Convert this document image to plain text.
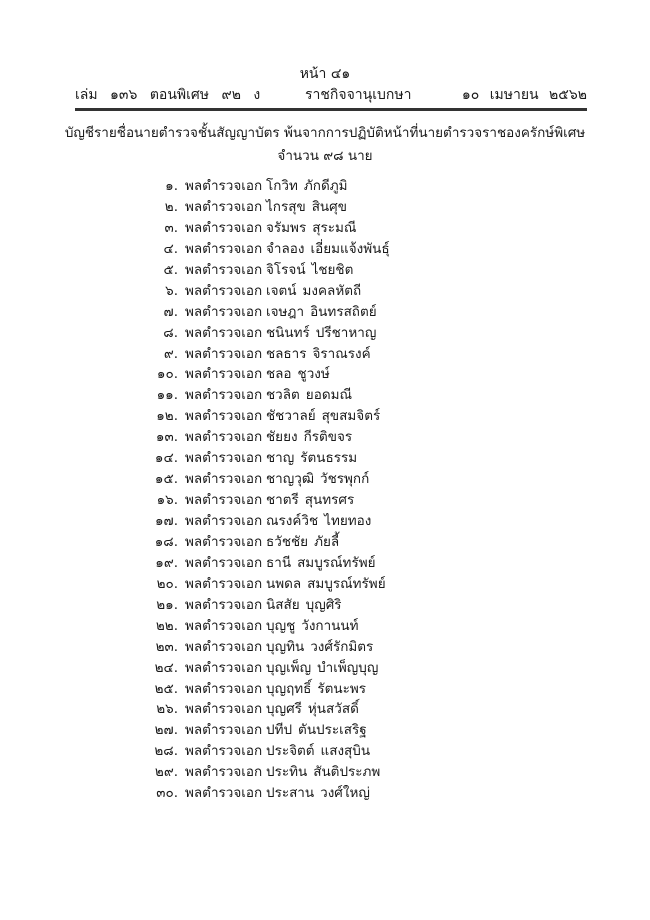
หน้า ๔๑
เล่ม ๑๓๖ ตอนพิเศษ ๙๒ ง	ราชกิจจานุเบกษา	๑๐ เมษายน ๒๕๖๒
บัญชีรายชื่อนายตำรวจชั้นสัญญาบัตร พ้นจากการปฏิบัติหน้าที่นายตำรวจราชองครักษ์พิเศษ
จำนวน ๙๘ นาย
๑. พลตำรวจเอก โกวิท ภักดีภูมิ
๒. พลตำรวจเอก ไกรสุข สินศุข
๓. พลตำรวจเอก จรัมพร สุระมณี
๔. พลตำรวจเอก จำลอง เอี่ยมแจ้งพันธุ์
๕. พลตำรวจเอก จิโรจน์ ไชยชิต
๖. พลตำรวจเอก เจตน์ มงคลหัตถี
๗. พลตำรวจเอก เจษฎา อินทรสถิตย์
๘. พลตำรวจเอก ชนินทร์ ปรีชาหาญ
๙. พลตำรวจเอก ชลธาร จิราณรงค์
๑๐. พลตำรวจเอก ชลอ ชูวงษ์
๑๑. พลตำรวจเอก ชวลิต ยอดมณี
๑๒. พลตำรวจเอก ชัชวาลย์ สุขสมจิตร์
๑๓. พลตำรวจเอก ชัยยง กีรติขจร
๑๔. พลตำรวจเอก ชาญ รัตนธรรม
๑๕. พลตำรวจเอก ชาญวุฒิ วัชรพุกก์
๑๖. พลตำรวจเอก ชาตรี สุนทรศร
๑๗. พลตำรวจเอก ณรงค์วิช ไทยทอง
๑๘. พลตำรวจเอก ธวัชชัย ภัยลี้
๑๙. พลตำรวจเอก ธานี สมบูรณ์ทรัพย์
๒๐. พลตำรวจเอก นพดล สมบูรณ์ทรัพย์
๒๑. พลตำรวจเอก นิสสัย บุญศิริ
๒๒. พลตำรวจเอก บุญชู วังกานนท์
๒๓. พลตำรวจเอก บุญทิน วงศ์รักมิตร
๒๔. พลตำรวจเอก บุญเพ็ญ บำเพ็ญบุญ
๒๕. พลตำรวจเอก บุญฤทธิ์ รัตนะพร
๒๖. พลตำรวจเอก บุญศรี หุ่นสวัสดิ์
๒๗. พลตำรวจเอก ปทีป ตันประเสริฐ
๒๘. พลตำรวจเอก ประจิตต์ แสงสุบิน
๒๙. พลตำรวจเอก ประทิน สันติประภพ
๓๐. พลตำรวจเอก ประสาน วงศ์ใหญ่
